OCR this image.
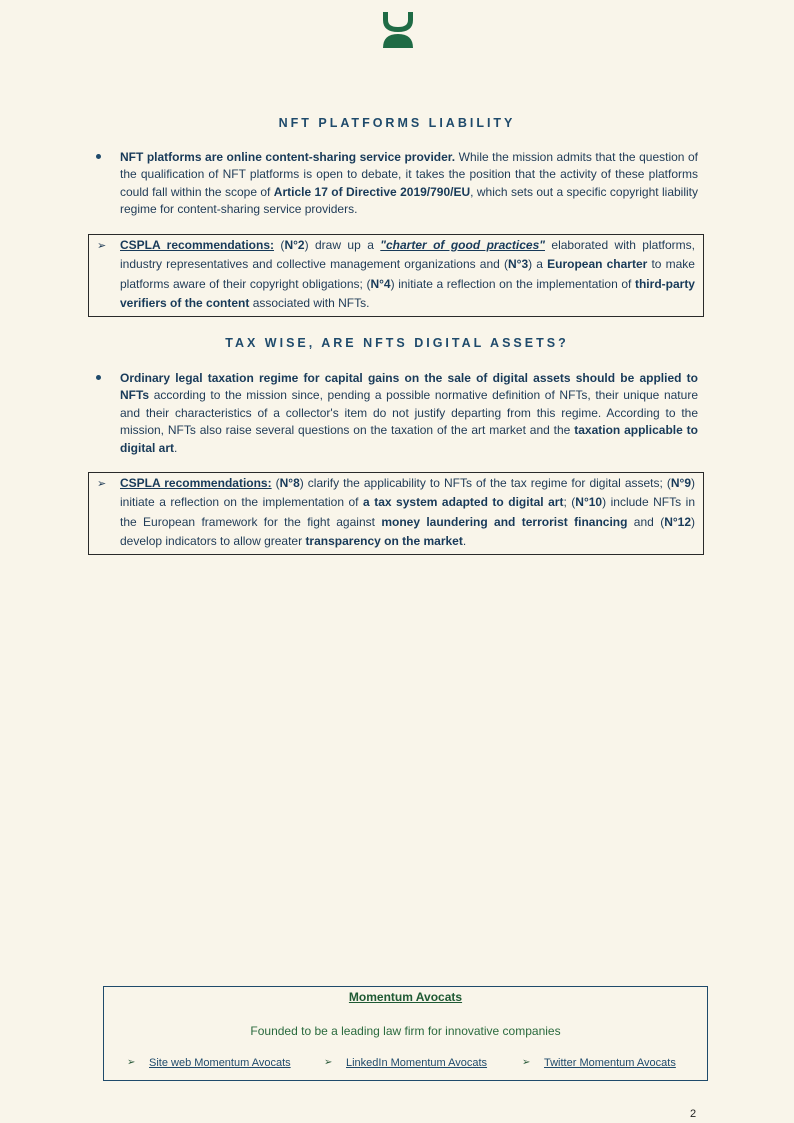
NFT PLATFORMS LIABILITY
NFT platforms are online content-sharing service provider. While the mission admits that the question of the qualification of NFT platforms is open to debate, it takes the position that the activity of these platforms could fall within the scope of Article 17 of Directive 2019/790/EU, which sets out a specific copyright liability regime for content-sharing service providers.
➢ CSPLA recommendations: (N°2) draw up a "charter of good practices" elaborated with platforms, industry representatives and collective management organizations and (N°3) a European charter to make platforms aware of their copyright obligations; (N°4) initiate a reflection on the implementation of third-party verifiers of the content associated with NFTs.
TAX WISE, ARE NFTS DIGITAL ASSETS?
Ordinary legal taxation regime for capital gains on the sale of digital assets should be applied to NFTs according to the mission since, pending a possible normative definition of NFTs, their unique nature and their characteristics of a collector's item do not justify departing from this regime. According to the mission, NFTs also raise several questions on the taxation of the art market and the taxation applicable to digital art.
➢ CSPLA recommendations: (N°8) clarify the applicability to NFTs of the tax regime for digital assets; (N°9) initiate a reflection on the implementation of a tax system adapted to digital art; (N°10) include NFTs in the European framework for the fight against money laundering and terrorist financing and (N°12) develop indicators to allow greater transparency on the market.
Momentum Avocats
Founded to be a leading law firm for innovative companies
➢ Site web Momentum Avocats	➢ LinkedIn Momentum Avocats	➢ Twitter Momentum Avocats
2
